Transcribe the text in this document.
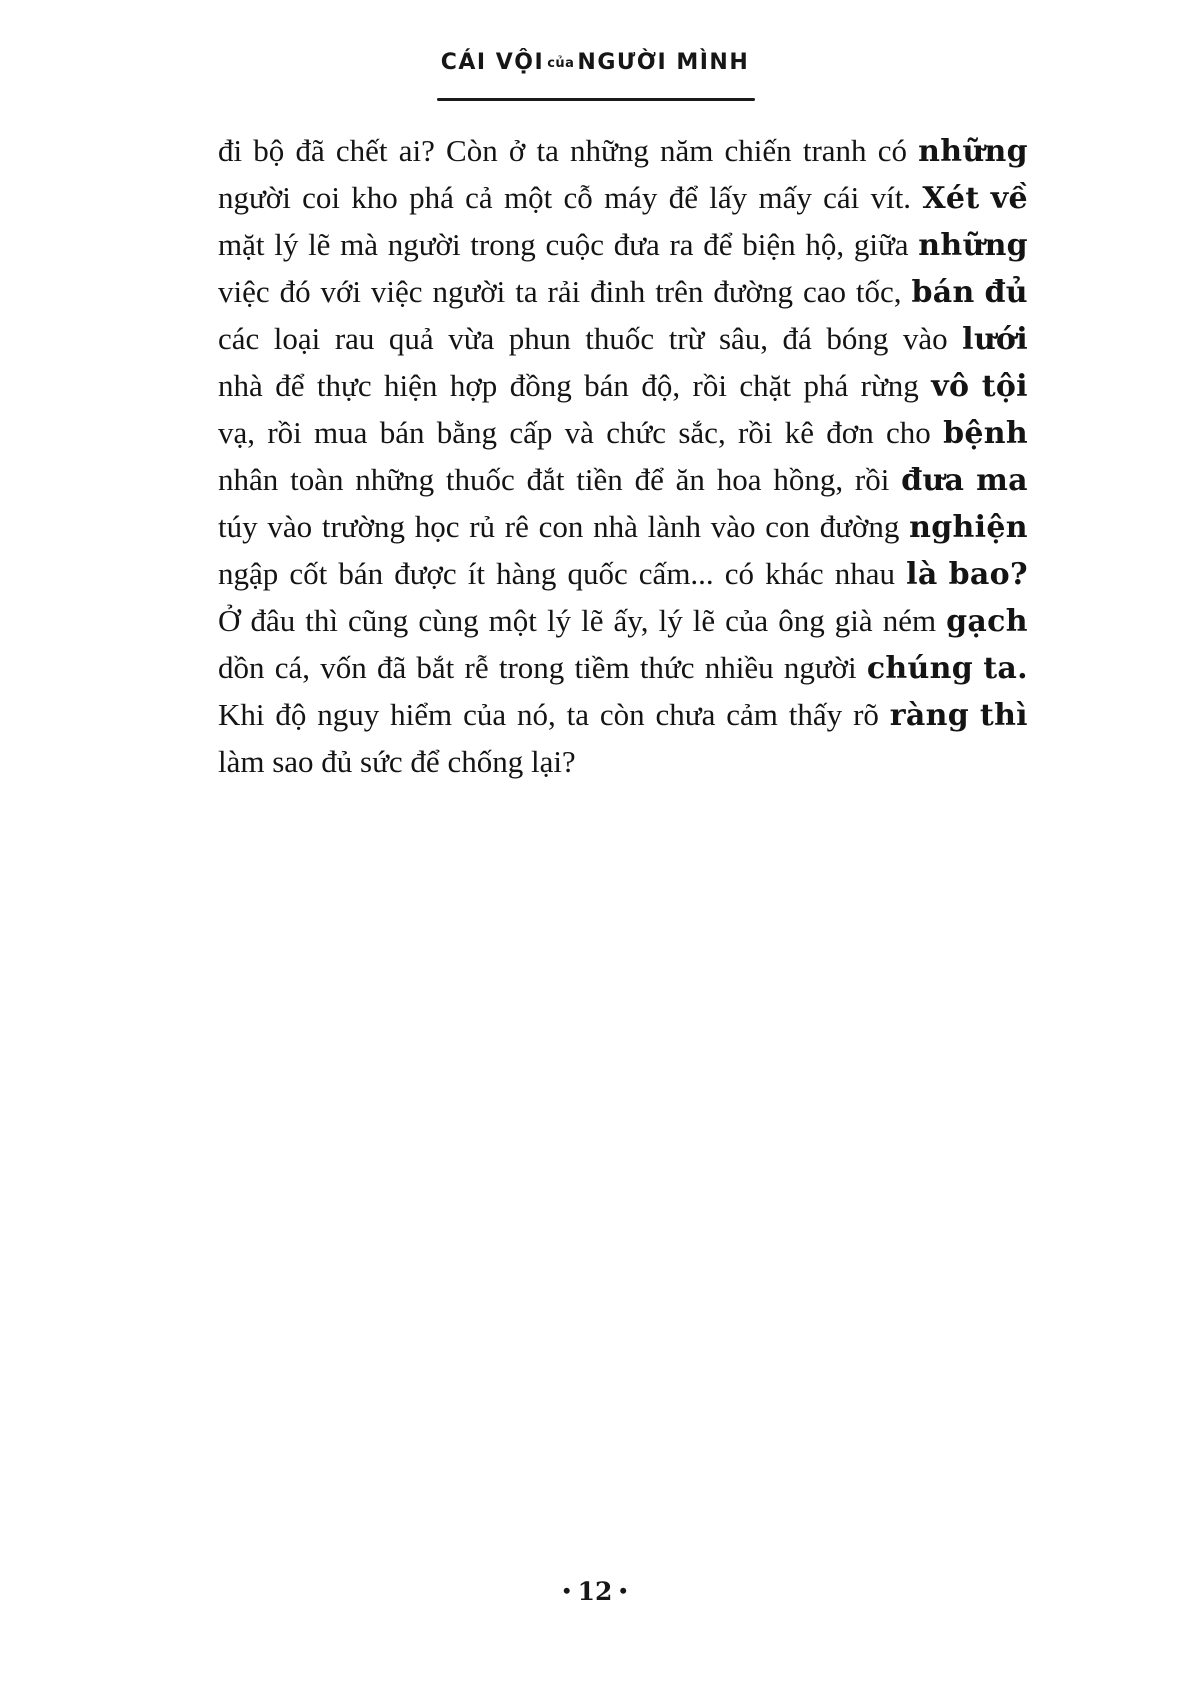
CÁI VỘI của NGƯỜI MÌNH
đi bộ đã chết ai? Còn ở ta những năm chiến tranh có những
người coi kho phá cả một cỗ máy để lấy mấy cái vít. Xét về
mặt lý lẽ mà người trong cuộc đưa ra để biện hộ, giữa những
việc đó với việc người ta rải đinh trên đường cao tốc, bán đủ
các loại rau quả vừa phun thuốc trừ sâu, đá bóng vào lưới
nhà để thực hiện hợp đồng bán độ, rồi chặt phá rừng vô tội
vạ, rồi mua bán bằng cấp và chức sắc, rồi kê đơn cho bệnh
nhân toàn những thuốc đắt tiền để ăn hoa hồng, rồi đưa ma
túy vào trường học rủ rê con nhà lành vào con đường nghiện
ngập cốt bán được ít hàng quốc cấm... có khác nhau là bao?
Ở đâu thì cũng cùng một lý lẽ ấy, lý lẽ của ông già ném gạch
dồn cá, vốn đã bắt rễ trong tiềm thức nhiều người chúng ta.
Khi độ nguy hiểm của nó, ta còn chưa cảm thấy rõ ràng thì
làm sao đủ sức để chống lại?
• 12 •
